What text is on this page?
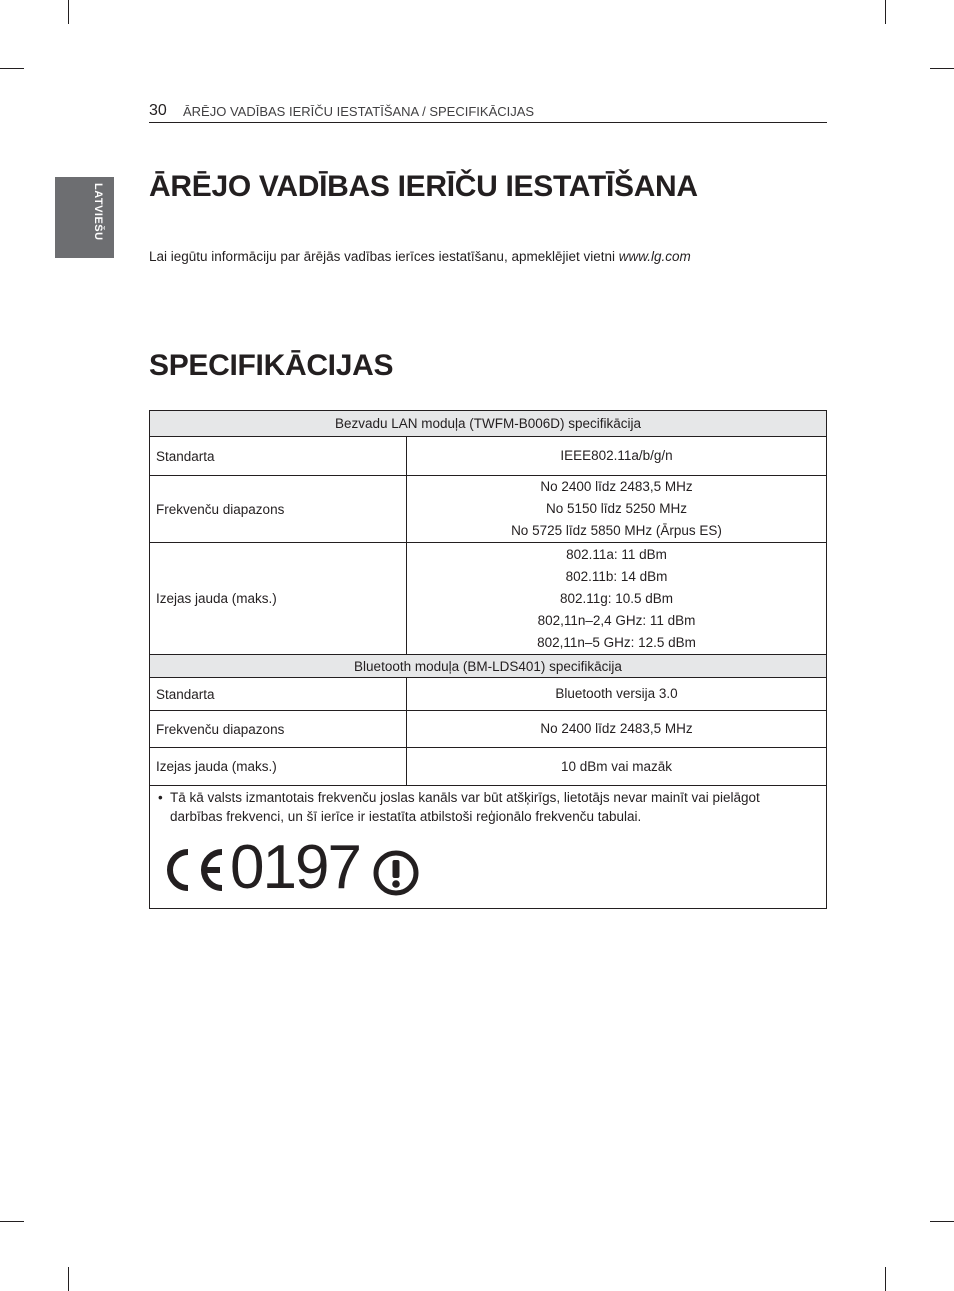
LATVIEŠU
30 ĀRĒJO VADĪBAS IERĪČU IESTATĪŠANA / SPECIFIKĀCIJAS
ĀRĒJO VADĪBAS IERĪČU IESTATĪŠANA
Lai iegūtu informāciju par ārējās vadības ierīces iestatīšanu, apmeklējiet vietni www.lg.com
SPECIFIKĀCIJAS
Bezvadu LAN moduļa (TWFM-B006D) specifikācija	
Standarta	IEEE802.11a/b/g/n
Frekvenču diapazons	No 2400 līdz 2483,5 MHz
No 5150 līdz 5250 MHz
No 5725 līdz 5850 MHz (Ārpus ES)

Izejas jauda (maks.)	802.11a: 11 dBm
802.11b: 14 dBm
802.11g: 10.5 dBm
802,11n–2,4 GHz: 11 dBm
802,11n–5 GHz: 12.5 dBm

Bluetooth moduļa (BM-LDS401) specifikācija	
Standarta	Bluetooth versija 3.0
Frekvenču diapazons	No 2400 līdz 2483,5 MHz
Izejas jauda (maks.)	10 dBm vai mazāk

• Tā kā valsts izmantotais frekvenču joslas kanāls var būt atšķirīgs, lietotājs nevar mainīt vai pielāgot darbības frekvenci, un šī ierīce ir iestatīta atbilstoši reģionālo frekvenču tabulai.
0197	
